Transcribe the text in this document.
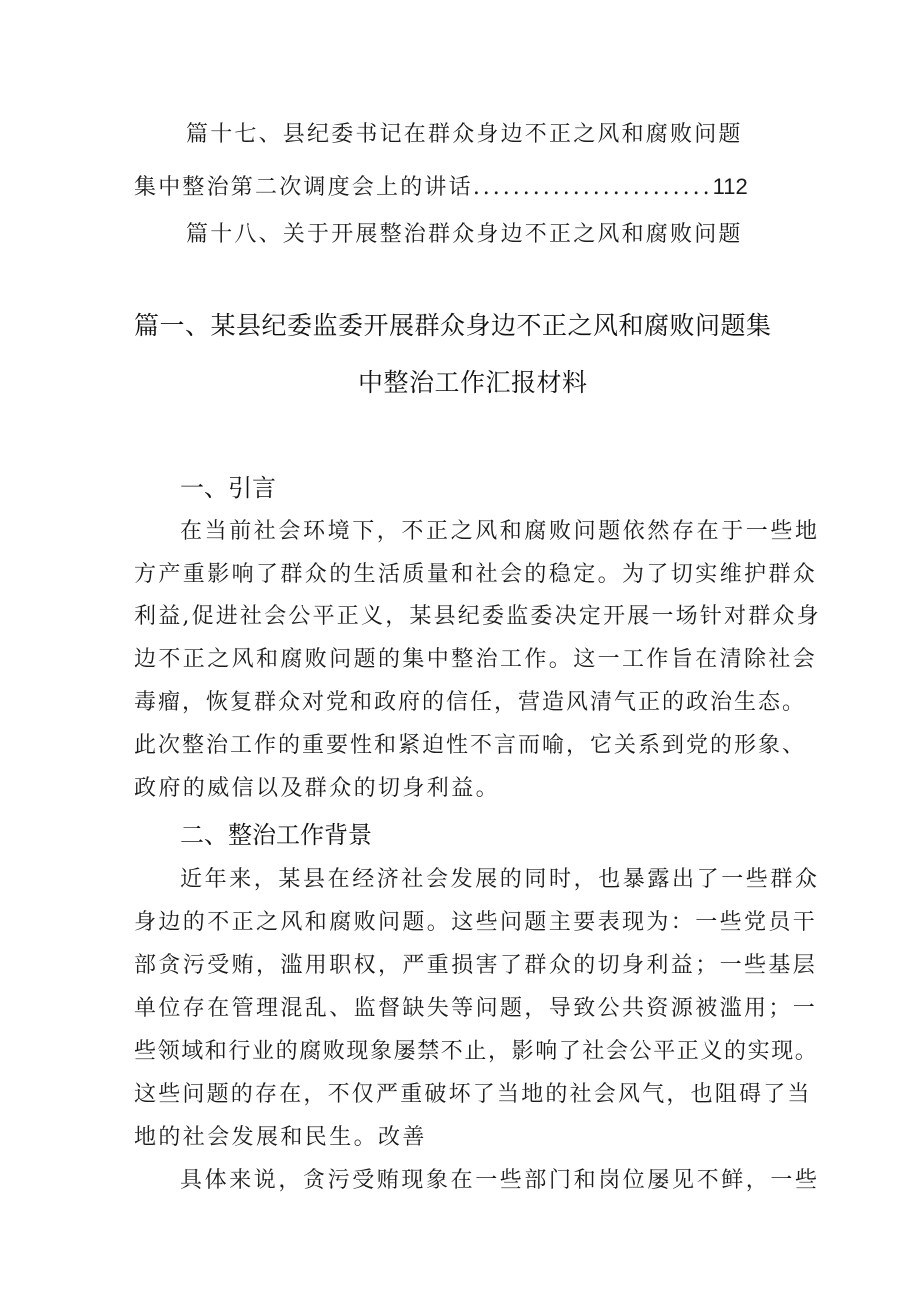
篇十七、县纪委书记在群众身边不正之风和腐败问题
集中整治第二次调度会上的讲话........................112
篇十八、关于开展整治群众身边不正之风和腐败问题
篇一、某县纪委监委开展群众身边不正之风和腐败问题集
中整治工作汇报材料
一、引言
在当前社会环境下，不正之风和腐败问题依然存在于一些地
方产重影响了群众的生活质量和社会的稳定。为了切实维护群众
利益,促进社会公平正义，某县纪委监委决定开展一场针对群众身
边不正之风和腐败问题的集中整治工作。这一工作旨在清除社会
毒瘤，恢复群众对党和政府的信任，营造风清气正的政治生态。
此次整治工作的重要性和紧迫性不言而喻，它关系到党的形象、
政府的威信以及群众的切身利益。
二、整治工作背景
近年来，某县在经济社会发展的同时，也暴露出了一些群众
身边的不正之风和腐败问题。这些问题主要表现为：一些党员干
部贪污受贿，滥用职权，严重损害了群众的切身利益；一些基层
单位存在管理混乱、监督缺失等问题，导致公共资源被滥用；一
些领域和行业的腐败现象屡禁不止，影响了社会公平正义的实现。
这些问题的存在，不仅严重破坏了当地的社会风气，也阻碍了当
地的社会发展和民生。改善
具体来说，贪污受贿现象在一些部门和岗位屡见不鲜，一些
